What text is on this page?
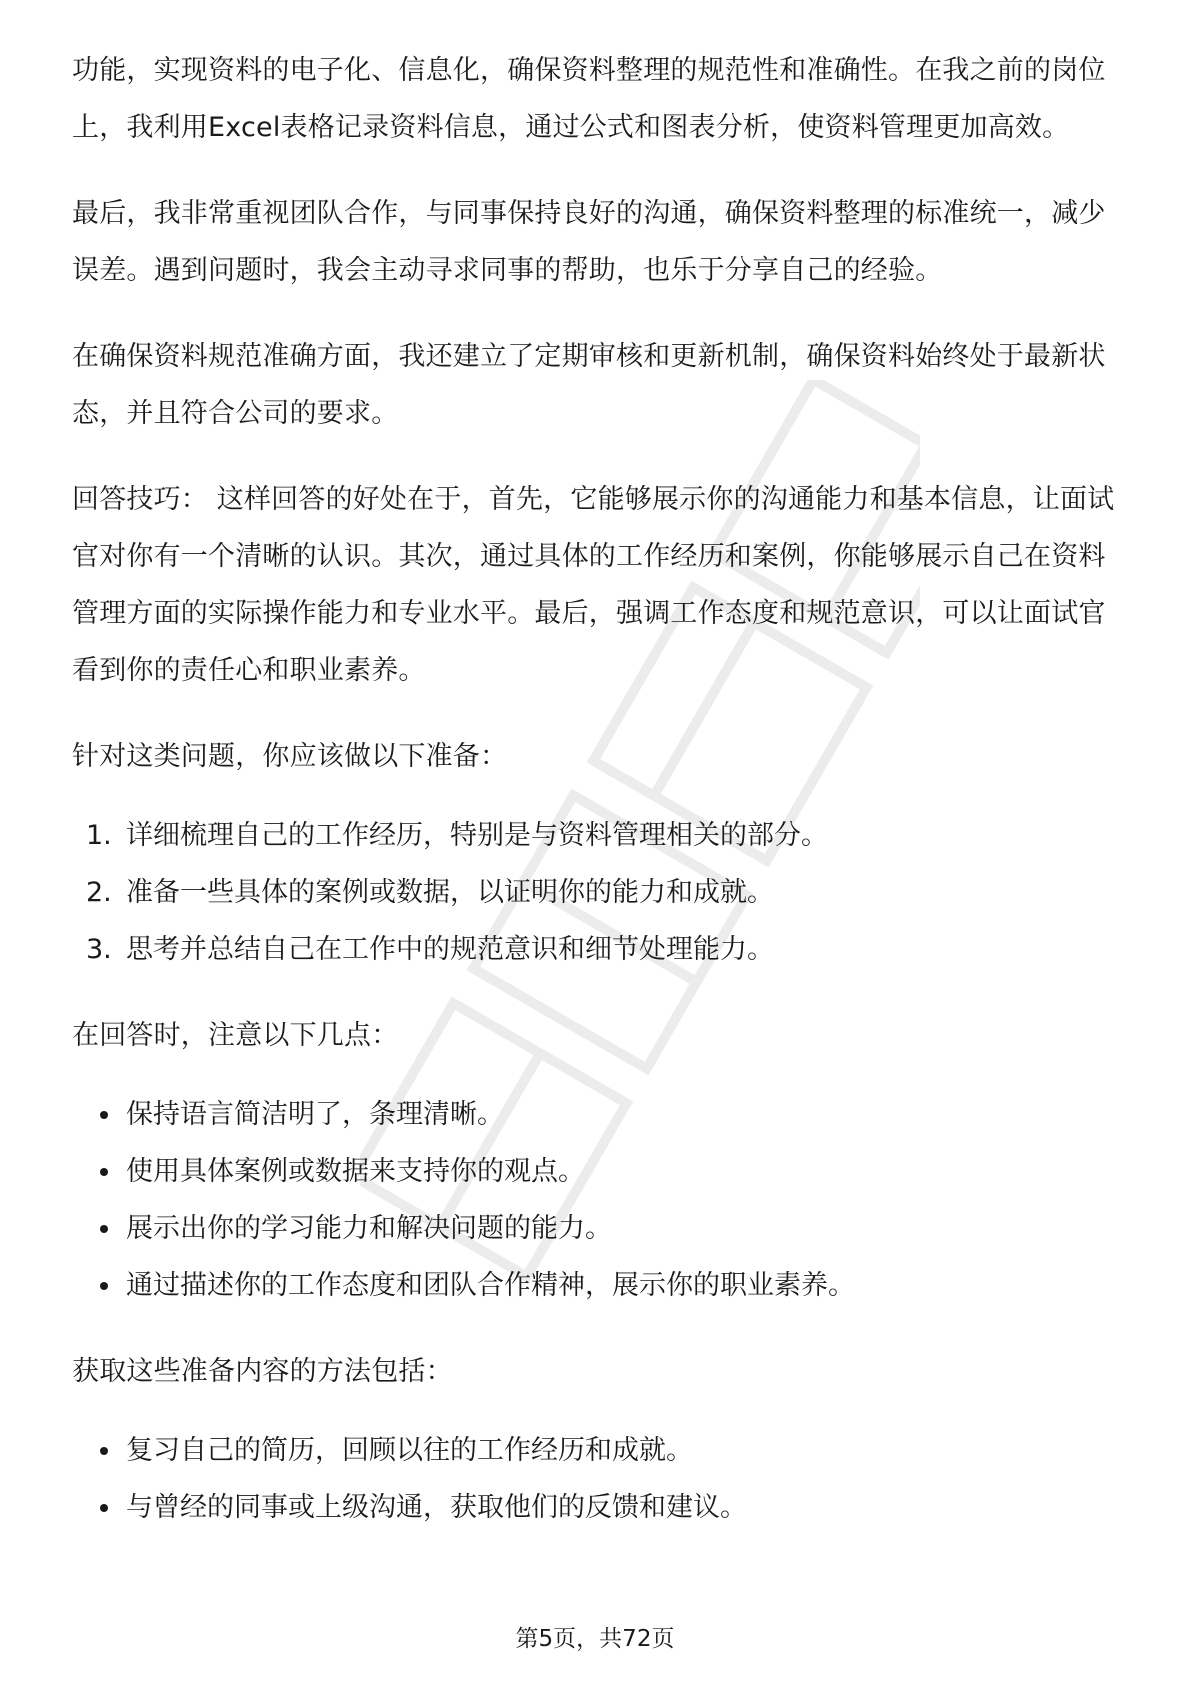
功能，实现资料的电子化、信息化，确保资料整理的规范性和准确性。在我之前的岗位上，我利用Excel表格记录资料信息，通过公式和图表分析，使资料管理更加高效。

最后，我非常重视团队合作，与同事保持良好的沟通，确保资料整理的标准统一，减少误差。遇到问题时，我会主动寻求同事的帮助，也乐于分享自己的经验。

在确保资料规范准确方面，我还建立了定期审核和更新机制，确保资料始终处于最新状态，并且符合公司的要求。

回答技巧： 这样回答的好处在于，首先，它能够展示你的沟通能力和基本信息，让面试官对你有一个清晰的认识。其次，通过具体的工作经历和案例，你能够展示自己在资料管理方面的实际操作能力和专业水平。最后，强调工作态度和规范意识，可以让面试官看到你的责任心和职业素养。

针对这类问题，你应该做以下准备：

1. 详细梳理自己的工作经历，特别是与资料管理相关的部分。
2. 准备一些具体的案例或数据，以证明你的能力和成就。
3. 思考并总结自己在工作中的规范意识和细节处理能力。

在回答时，注意以下几点：

保持语言简洁明了，条理清晰。
使用具体案例或数据来支持你的观点。
展示出你的学习能力和解决问题的能力。
通过描述你的工作态度和团队合作精神，展示你的职业素养。

获取这些准备内容的方法包括：

复习自己的简历，回顾以往的工作经历和成就。
与曾经的同事或上级沟通，获取他们的反馈和建议。
第5页，共72页
